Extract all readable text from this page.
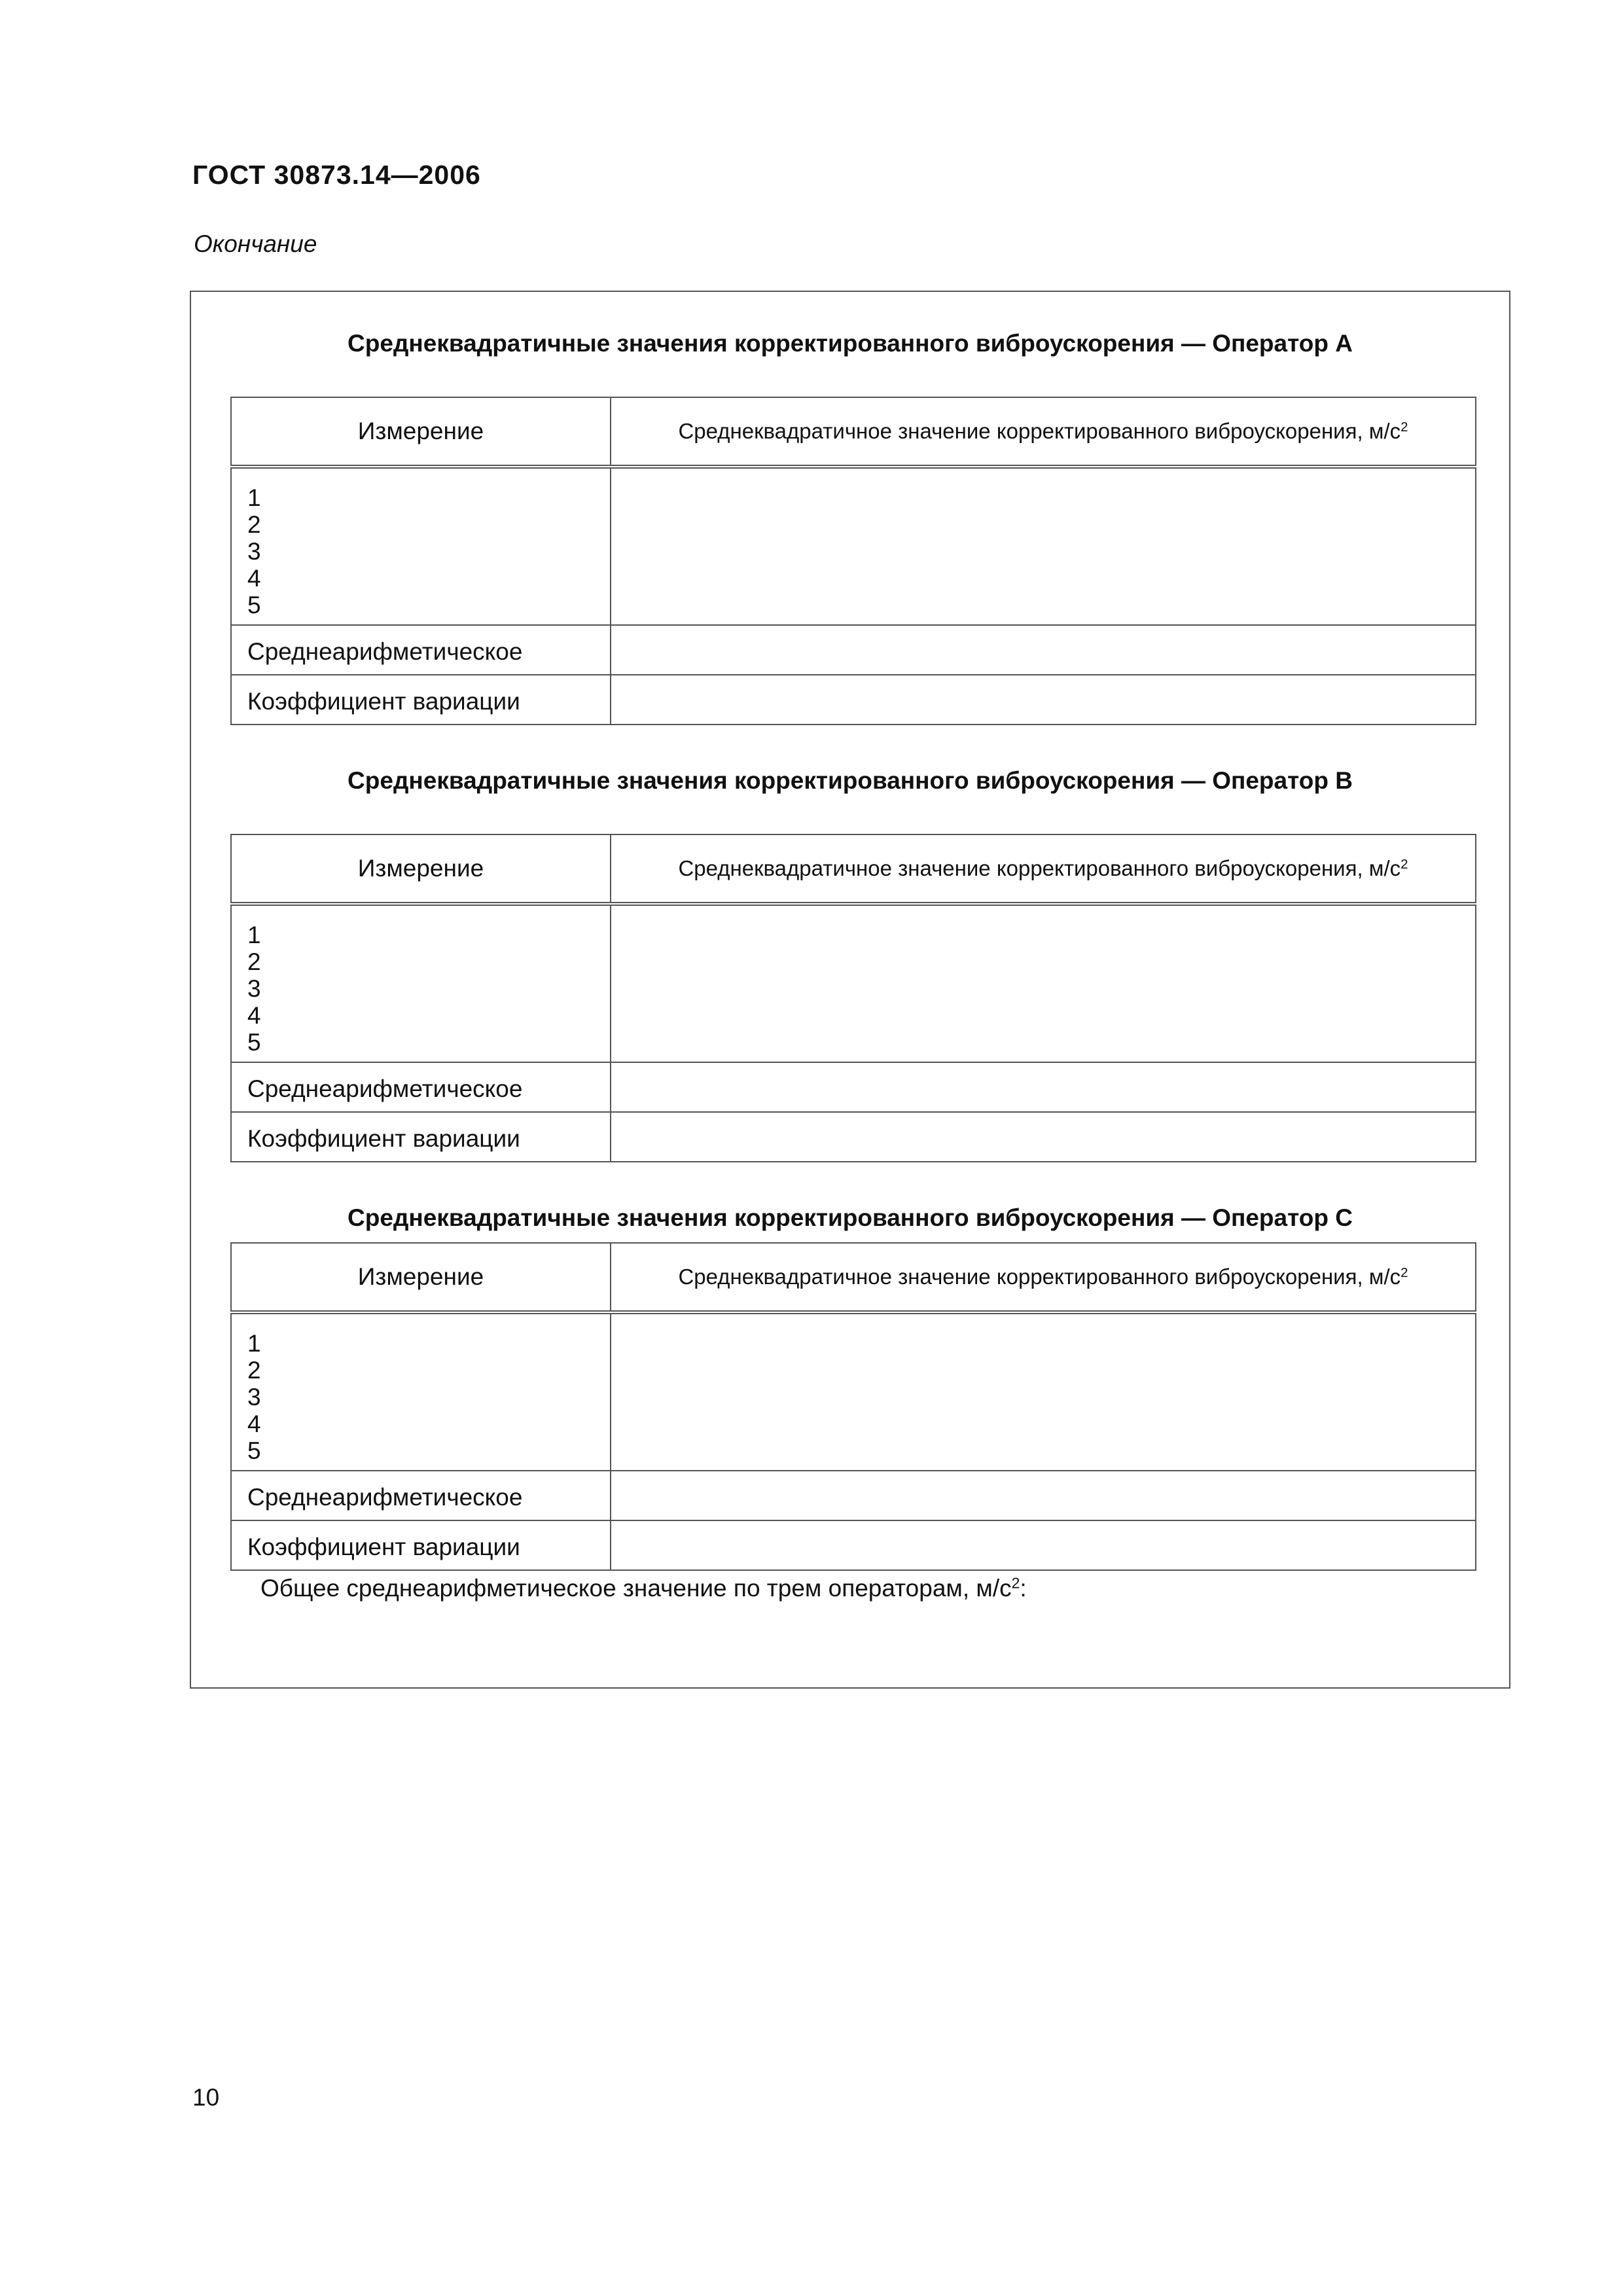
ГОСТ 30873.14—2006
Окончание
Среднеквадратичные значения корректированного виброускорения — Оператор А
Измерение	Среднеквадратичное значение корректированного виброускорения, $м/с^2$

1
2
3
4
5	

Среднеарифметическое	
Коэффициент вариации	
Среднеквадратичные значения корректированного виброускорения — Оператор В
Измерение	Среднеквадратичное значение корректированного виброускорения, $м/с^2$

1
2
3
4
5	

Среднеарифметическое	
Коэффициент вариации	
Среднеквадратичные значения корректированного виброускорения — Оператор С
Измерение	Среднеквадратичное значение корректированного виброускорения, $м/с^2$

1
2
3
4
5	

Среднеарифметическое	
Коэффициент вариации	
Общее среднеарифметическое значение по трем операторам, $м/с^2$:
10
